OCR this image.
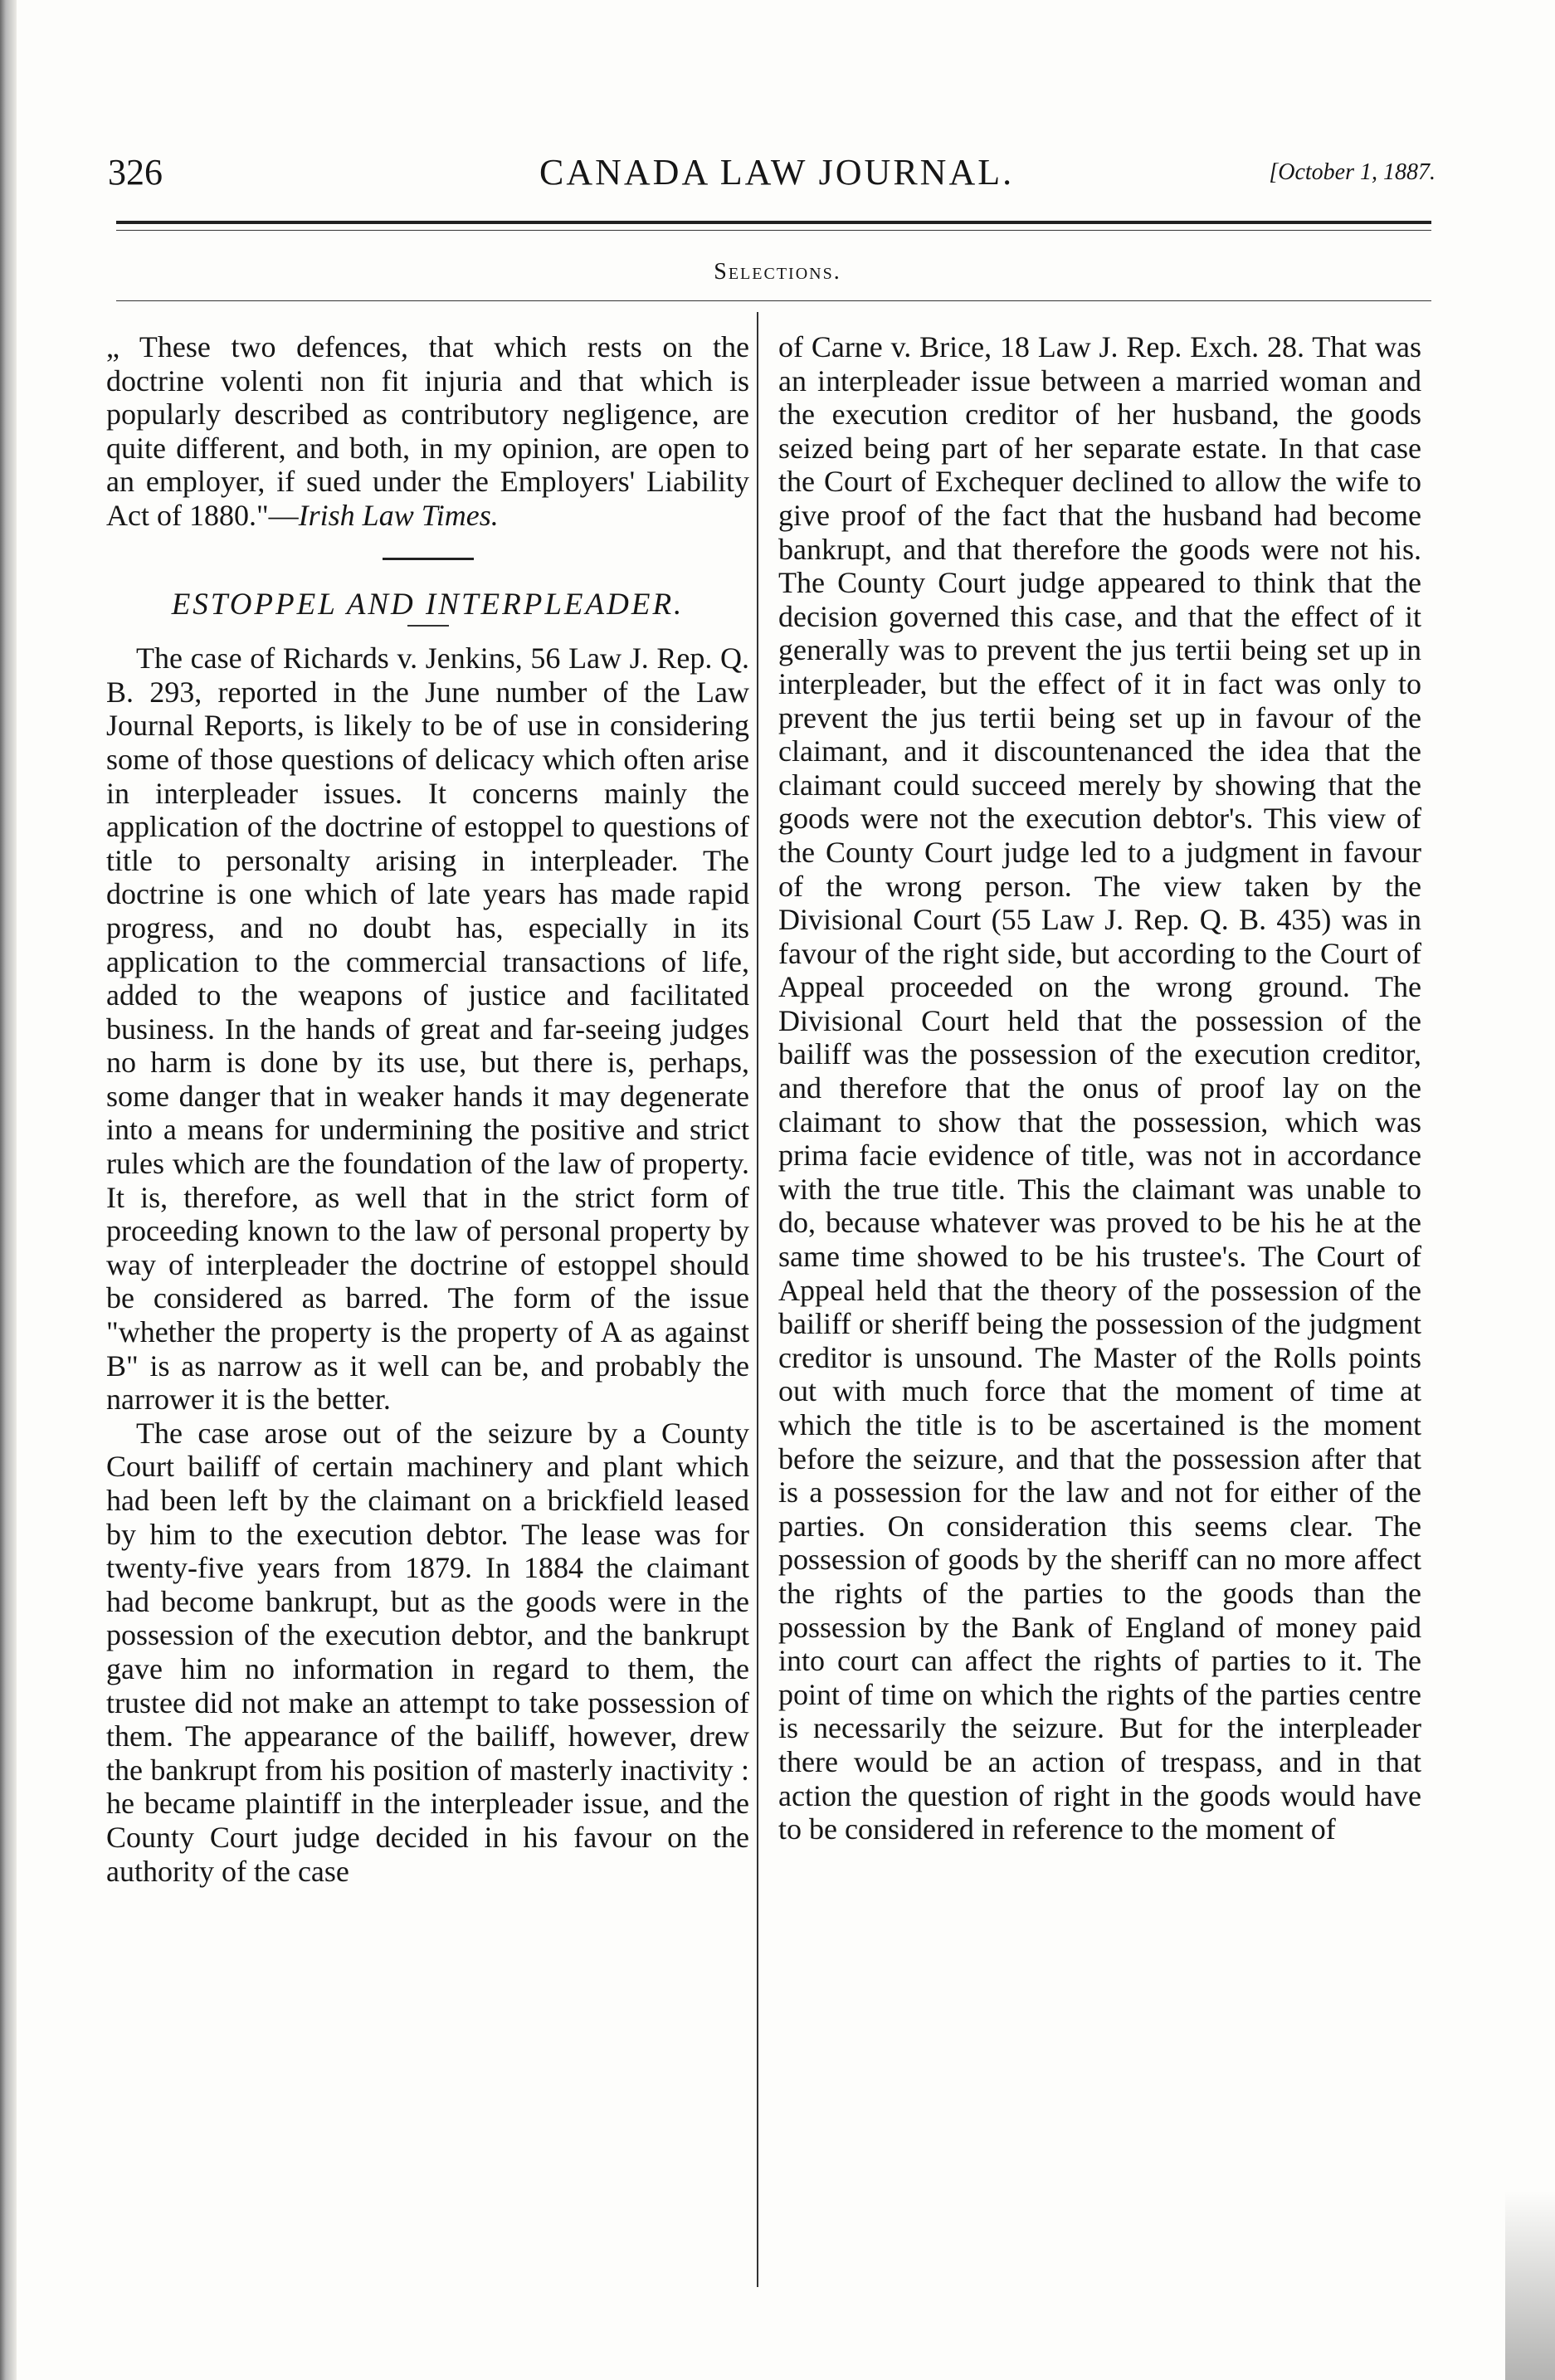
326	CANADA LAW JOURNAL.	[October 1, 1887.
Selections.

„ These two defences, that which rests on the doctrine volenti non fit injuria and that which is popularly described as contributory negligence, are quite different, and both, in my opinion, are open to an employer, if sued under the Employers' Liability Act of 1880."—Irish Law Times.

ESTOPPEL AND INTERPLEADER.

The case of Richards v. Jenkins, 56 Law J. Rep. Q. B. 293, reported in the June number of the Law Journal Reports, is likely to be of use in considering some of those questions of delicacy which often arise in interpleader issues. It concerns mainly the application of the doctrine of estoppel to questions of title to personalty arising in interpleader. The doctrine is one which of late years has made rapid progress, and no doubt has, especially in its application to the commercial transactions of life, added to the weapons of justice and facilitated business. In the hands of great and far-seeing judges no harm is done by its use, but there is, perhaps, some danger that in weaker hands it may degenerate into a means for undermining the positive and strict rules which are the foundation of the law of property. It is, therefore, as well that in the strict form of proceeding known to the law of personal property by way of interpleader the doctrine of estoppel should be considered as barred. The form of the issue "whether the property is the property of A as against B" is as narrow as it well can be, and probably the narrower it is the better.

The case arose out of the seizure by a County Court bailiff of certain machinery and plant which had been left by the claimant on a brickfield leased by him to the execution debtor. The lease was for twenty-five years from 1879. In 1884 the claimant had become bankrupt, but as the goods were in the possession of the execution debtor, and the bankrupt gave him no information in regard to them, the trustee did not make an attempt to take possession of them. The appearance of the bailiff, however, drew the bankrupt from his position of masterly inactivity : he became plaintiff in the interpleader issue, and the County Court judge decided in his favour on the authority of the case

of Carne v. Brice, 18 Law J. Rep. Exch. 28. That was an interpleader issue between a married woman and the execution creditor of her husband, the goods seized being part of her separate estate. In that case the Court of Exchequer declined to allow the wife to give proof of the fact that the husband had become bankrupt, and that therefore the goods were not his. The County Court judge appeared to think that the decision governed this case, and that the effect of it generally was to prevent the jus tertii being set up in interpleader, but the effect of it in fact was only to prevent the jus tertii being set up in favour of the claimant, and it discountenanced the idea that the claimant could succeed merely by showing that the goods were not the execution debtor's. This view of the County Court judge led to a judgment in favour of the wrong person. The view taken by the Divisional Court (55 Law J. Rep. Q. B. 435) was in favour of the right side, but according to the Court of Appeal proceeded on the wrong ground. The Divisional Court held that the possession of the bailiff was the possession of the execution creditor, and therefore that the onus of proof lay on the claimant to show that the possession, which was prima facie evidence of title, was not in accordance with the true title. This the claimant was unable to do, because whatever was proved to be his he at the same time showed to be his trustee's. The Court of Appeal held that the theory of the possession of the bailiff or sheriff being the possession of the judgment creditor is unsound. The Master of the Rolls points out with much force that the moment of time at which the title is to be ascertained is the moment before the seizure, and that the possession after that is a possession for the law and not for either of the parties. On consideration this seems clear. The possession of goods by the sheriff can no more affect the rights of the parties to the goods than the possession by the Bank of England of money paid into court can affect the rights of parties to it. The point of time on which the rights of the parties centre is necessarily the seizure. But for the interpleader there would be an action of trespass, and in that action the question of right in the goods would have to be considered in reference to the moment of
